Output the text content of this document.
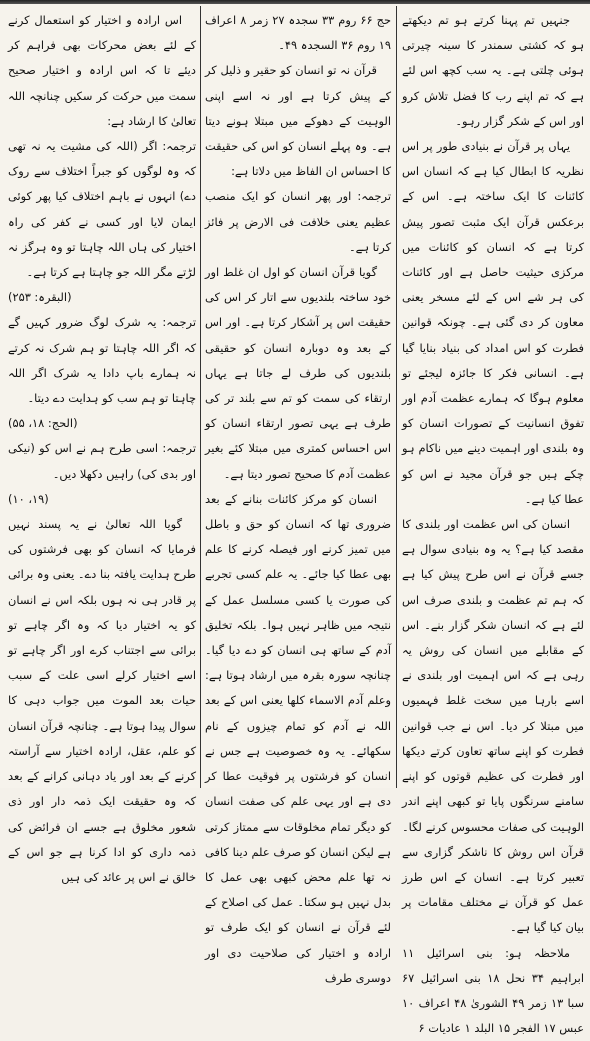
جنہیں تم پہنا کرتے ہو تم دیکھتے ہو کہ کشتی سمندر کا سینہ چیرتی ہوئی چلتی ہے۔ یہ سب کچھ اس لئے ہے کہ تم اپنے رب کا فضل تلاش کرو اور اس کے شکر گزار رہو۔

یہاں پر قرآن نے بنیادی طور پر اس نظریہ کا ابطال کیا ہے کہ انسان اس کائنات کا ایک ساختہ ہے۔ اس کے برعکس قرآن ایک مثبت تصور پیش کرتا ہے کہ انسان کو کائنات میں مرکزی حیثیت حاصل ہے اور کائنات کی ہر شے اس کے لئے مسخر یعنی معاون کر دی گئی ہے۔ چونکہ قوانین فطرت کو اس امداد کی بنیاد بنایا گیا ہے۔ انسانی فکر کا جائزہ لیجئے تو معلوم ہوگا کہ ہمارے عظمت آدم اور تفوق انسانیت کے تصورات انسان کو وہ بلندی اور اہمیت دینے میں ناکام ہو چکے ہیں جو قرآن مجید نے اس کو عطا کیا ہے۔

انسان کی اس عظمت اور بلندی کا مقصد کیا ہے؟ یہ وہ بنیادی سوال ہے جسے قرآن نے اس طرح پیش کیا ہے کہ ہم تم عظمت و بلندی صرف اس لئے ہے کہ انسان شکر گزار بنے۔ اس کے مقابلے میں انسان کی روش یہ رہی ہے کہ اس اہمیت اور بلندی نے اسے بارہا میں سخت غلط فہمیوں میں مبتلا کر دیا۔ اس نے جب قوانین فطرت کو اپنے ساتھ تعاون کرتے دیکھا اور فطرت کی عظیم قوتوں کو اپنے سامنے سرنگوں پایا تو کبھی اپنے اندر الوہیت کی صفات محسوس کرنے لگا۔ قرآن اس روش کا ناشکر گزاری سے تعبیر کرتا ہے۔ انسان کے اس طرز عمل کو قرآن نے مختلف مقامات پر بیان کیا گیا ہے۔

ملاحظہ ہو: بنی اسرائیل ۱۱ ابراہیم ۳۴ نحل ۱۸ بنی اسرائیل ۶۷ سبا ۱۳ زمر ۴۹ الشوریٰ ۴۸ اعراف ۱۰ عبس ۱۷ الفجر ۱۵ البلد ۱ عادیات ۶

حج ۶۶ روم ۳۳ سجدہ ۲۷ زمر ۸ اعراف ۱۹ روم ۳۶ السجدہ ۴۹۔

قرآن نہ تو انسان کو حقیر و ذلیل کر کے پیش کرتا ہے اور نہ اسے اپنی الوہیت کے دھوکے میں مبتلا ہونے دیتا ہے۔ وہ پہلے انسان کو اس کی حقیقت کا احساس ان الفاظ میں دلاتا ہے:

ترجمہ: اور پھر انسان کو ایک منصب عظیم یعنی خلافت فی الارض پر فائز کرتا ہے۔

گویا قرآن انسان کو اول ان غلط اور خود ساختہ بلندیوں سے اتار کر اس کی حقیقت اس پر آشکار کرتا ہے۔ اور اس کے بعد وہ دوبارہ انسان کو حقیقی بلندیوں کی طرف لے جاتا ہے یہاں ارتقاء کی سمت کو تم سے بلند تر کی طرف ہے یہی تصور ارتقاء انسان کو اس احساس کمتری میں مبتلا کئے بغیر عظمت آدم کا صحیح تصور دیتا ہے۔

انسان کو مرکز کائنات بنانے کے بعد ضروری تھا کہ انسان کو حق و باطل میں تمیز کرنے اور فیصلہ کرنے کا علم بھی عطا کیا جائے۔ یہ علم کسی تجربے کی صورت یا کسی مسلسل عمل کے نتیجہ میں ظاہر نہیں ہوا۔ بلکہ تخلیق آدم کے ساتھ ہی انسان کو دے دیا گیا۔ چنانچہ سورہ بقرہ میں ارشاد ہوتا ہے: وعلم آدم الاسماء کلھا یعنی اس کے بعد اللہ نے آدم کو تمام چیزوں کے نام سکھائے۔ یہ وہ خصوصیت ہے جس نے انسان کو فرشتوں پر فوقیت عطا کر دی ہے اور یہی علم کی صفت انسان کو دیگر تمام مخلوقات سے ممتاز کرتی ہے لیکن انسان کو صرف علم دینا کافی نہ تھا علم محض کبھی بھی عمل کا بدل نہیں ہو سکتا۔ عمل کی اصلاح کے لئے قرآن نے انسان کو ایک طرف تو ارادہ و اختیار کی صلاحیت دی اور دوسری طرف

اس ارادہ و اختیار کو استعمال کرنے کے لئے بعض محرکات بھی فراہم کر دیئے تا کہ اس ارادہ و اختیار صحیح سمت میں حرکت کر سکیں چنانچہ اللہ تعالیٰ کا ارشاد ہے:

ترجمہ: اگر (اللہ کی مشیت یہ نہ تھی کہ وہ لوگوں کو جبراً اختلاف سے روک دے) انہوں نے باہم اختلاف کیا پھر کوئی ایمان لایا اور کسی نے کفر کی راہ اختیار کی ہاں اللہ چاہتا تو وہ ہرگز نہ لڑتے مگر اللہ جو چاہتا ہے کرتا ہے۔

(البقرہ: ۲۵۳)

ترجمہ: یہ شرک لوگ ضرور کہیں گے کہ اگر اللہ چاہتا تو ہم شرک نہ کرتے نہ ہمارے باپ دادا یہ شرک اگر اللہ چاہتا تو ہم سب کو ہدایت دے دیتا۔

(الحج: ۱۸، ۵۵)

ترجمہ: اسی طرح ہم نے اس کو (نیکی اور بدی کی) راہیں دکھلا دیں۔

(۱۹، ۱۰)

گویا اللہ تعالیٰ نے یہ پسند نہیں فرمایا کہ انسان کو بھی فرشتوں کی طرح ہدایت یافتہ بنا دے۔ یعنی وہ برائی پر قادر ہی نہ ہوں بلکہ اس نے انسان کو یہ اختیار دیا کہ وہ اگر چاہے تو برائی سے اجتناب کرے اور اگر چاہے تو اسے اختیار کرلے اسی علت کے سبب حیات بعد الموت میں جواب دہی کا سوال پیدا ہوتا ہے۔ چنانچہ قرآن انسان کو علم، عقل، ارادہ اختیار سے آراستہ کرنے کے بعد اور یاد دہانی کرانے کے بعد کہ وہ حقیقت ایک ذمہ دار اور ذی شعور مخلوق ہے جسے ان فرائض کی ذمہ داری کو ادا کرنا ہے جو اس کے خالق نے اس پر عائد کی ہیں
